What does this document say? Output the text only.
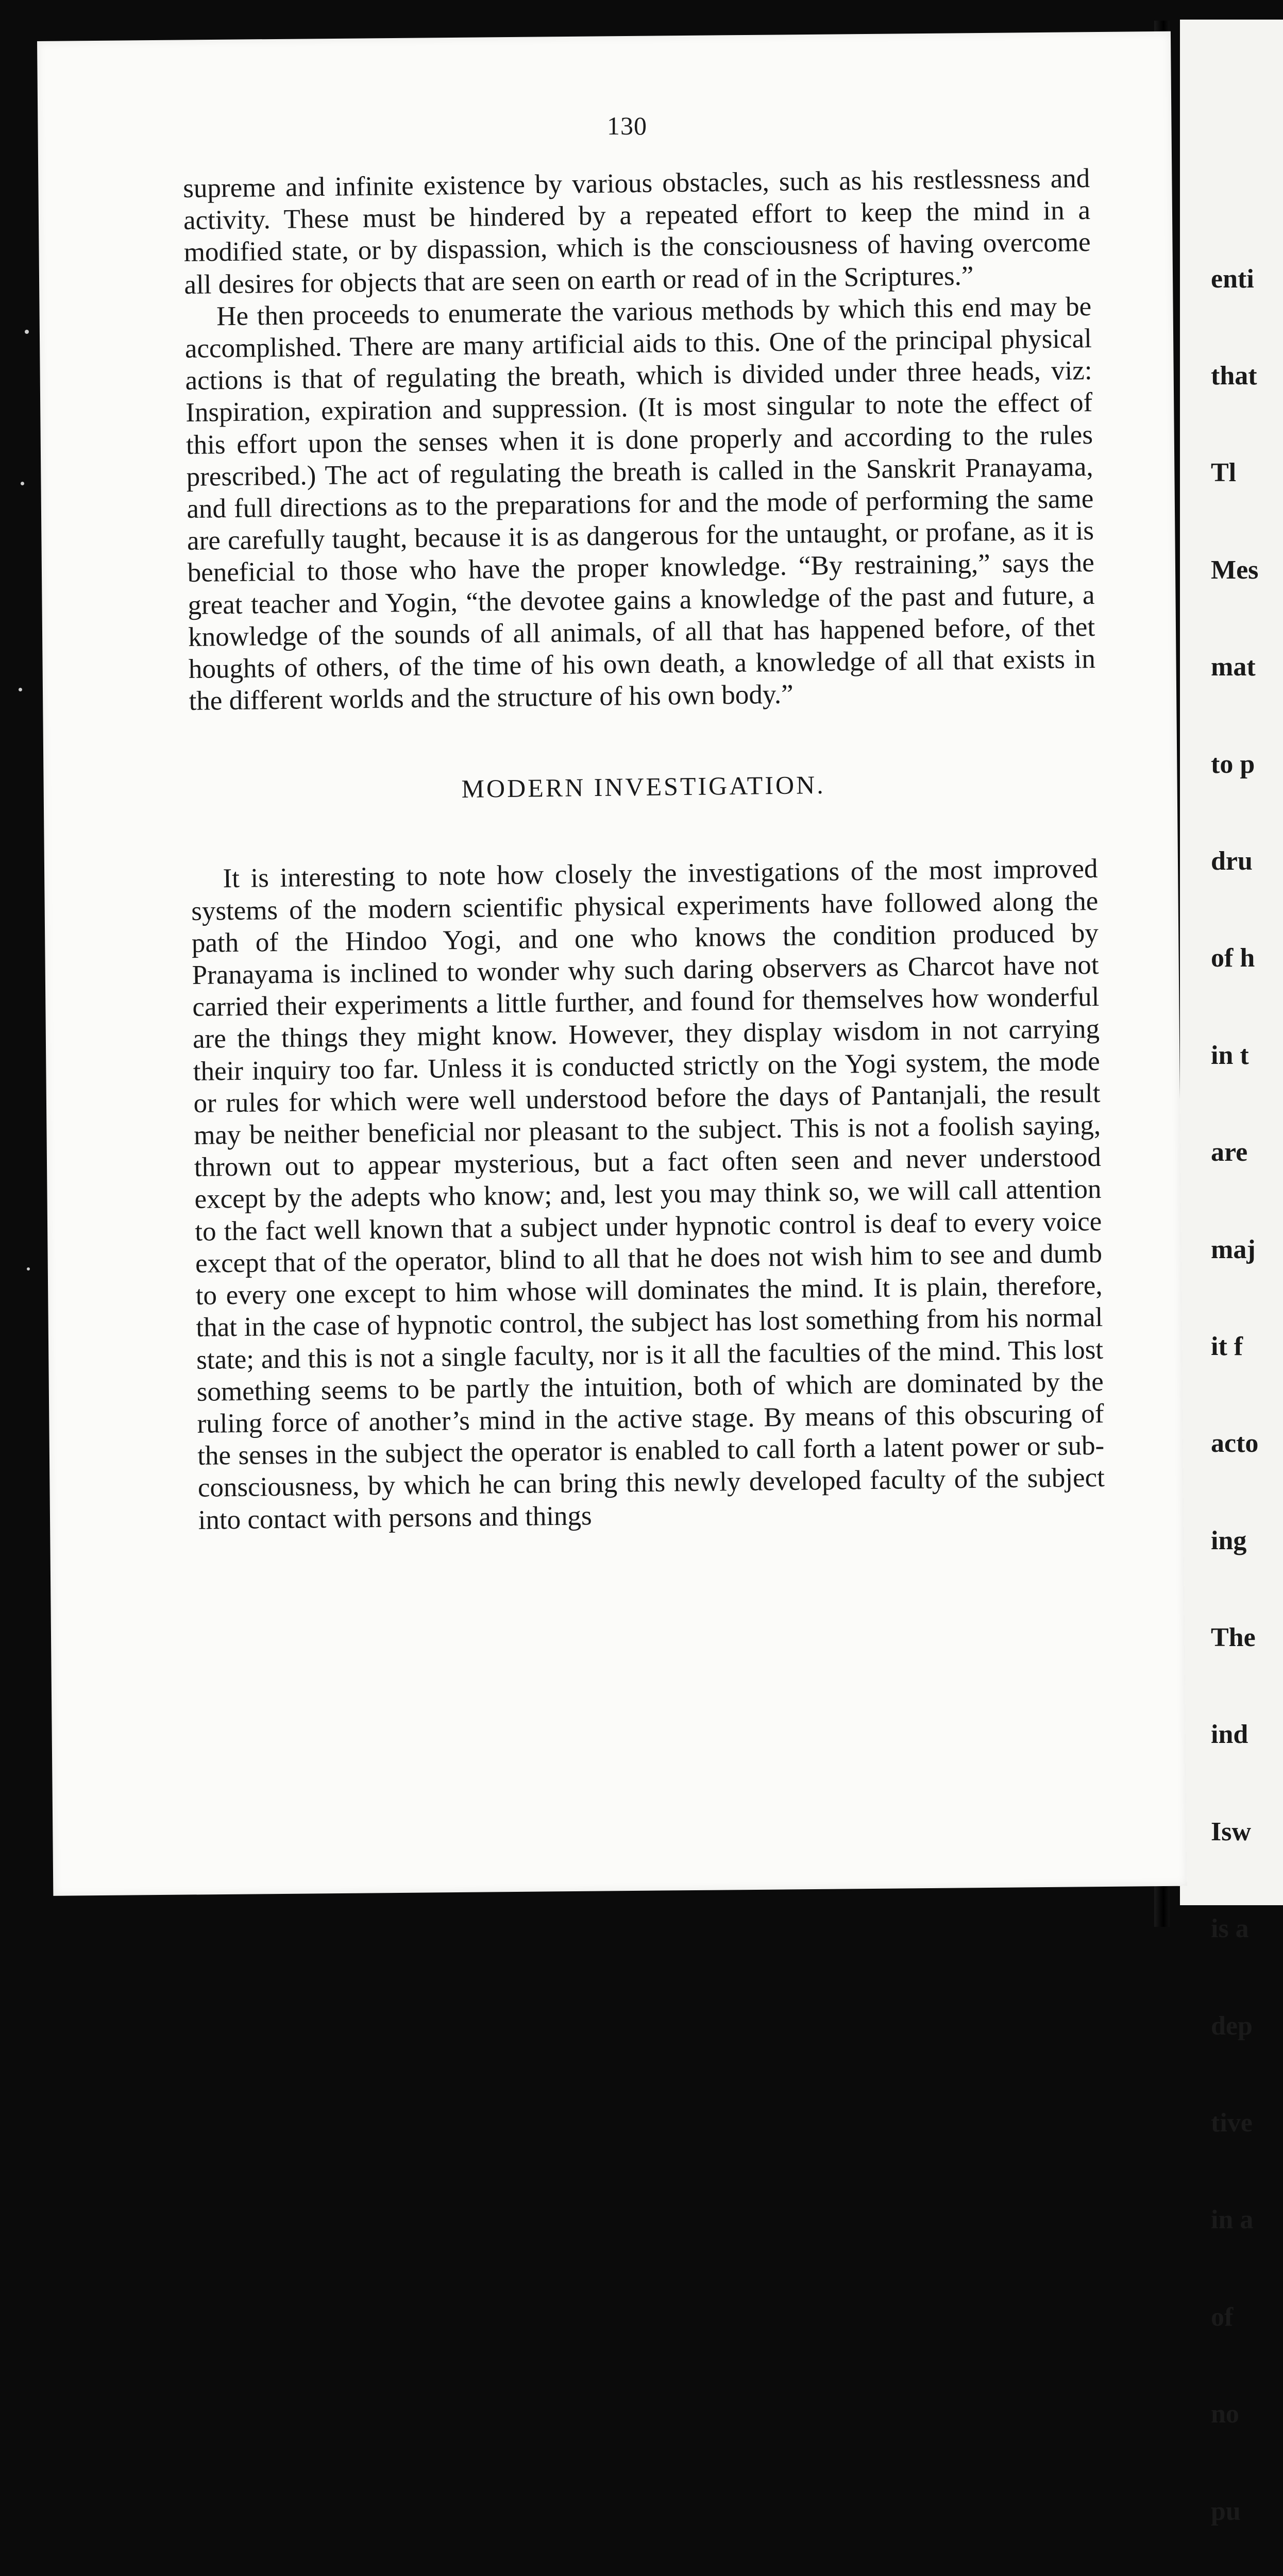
130

supreme and infinite existence by various obstacles, such as his restlessness and activity. These must be hindered by a repeated effort to keep the mind in a modified state, or by dispassion, which is the consciousness of having overcome all desires for objects that are seen on earth or read of in the Scriptures.”

He then proceeds to enumerate the various methods by which this end may be accomplished. There are many artificial aids to this. One of the principal physical actions is that of regulating the breath, which is divided under three heads, viz: Inspiration, expiration and suppression. (It is most singular to note the effect of this effort upon the senses when it is done properly and according to the rules prescribed.) The act of regulating the breath is called in the Sanskrit Pranayama, and full directions as to the preparations for and the mode of performing the same are carefully taught, because it is as dangerous for the untaught, or profane, as it is beneficial to those who have the proper knowledge. “By restraining,” says the great teacher and Yogin, “the devotee gains a knowledge of the past and future, a knowledge of the sounds of all animals, of all that has happened before, of thet houghts of others, of the time of his own death, a knowledge of all that exists in the different worlds and the structure of his own body.”

MODERN INVESTIGATION.

It is interesting to note how closely the investigations of the most improved systems of the modern scientific physical experiments have followed along the path of the Hindoo Yogi, and one who knows the condition produced by Pranayama is inclined to wonder why such daring observers as Charcot have not carried their experiments a little further, and found for themselves how wonderful are the things they might know. However, they display wisdom in not carrying their inquiry too far. Unless it is conducted strictly on the Yogi system, the mode or rules for which were well understood before the days of Pantanjali, the result may be neither beneficial nor pleasant to the subject. This is not a foolish saying, thrown out to appear mysterious, but a fact often seen and never understood except by the adepts who know; and, lest you may think so, we will call attention to the fact well known that a subject under hypnotic control is deaf to every voice except that of the operator, blind to all that he does not wish him to see and dumb to every one except to him whose will dominates the mind. It is plain, therefore, that in the case of hypnotic control, the subject has lost something from his normal state; and this is not a single faculty, nor is it all the faculties of the mind. This lost something seems to be partly the intuition, both of which are dominated by the ruling force of another’s mind in the active stage. By means of this obscuring of the senses in the subject the operator is enabled to call forth a latent power or sub-consciousness, by which he can bring this newly developed faculty of the subject into contact with persons and things

enti

that

Tl

Mes

mat

to p

dru

of h

in t

are

maj

it f

acto

ing

The

ind

Isw

is a

dep

tive

in a

of

no

pu
